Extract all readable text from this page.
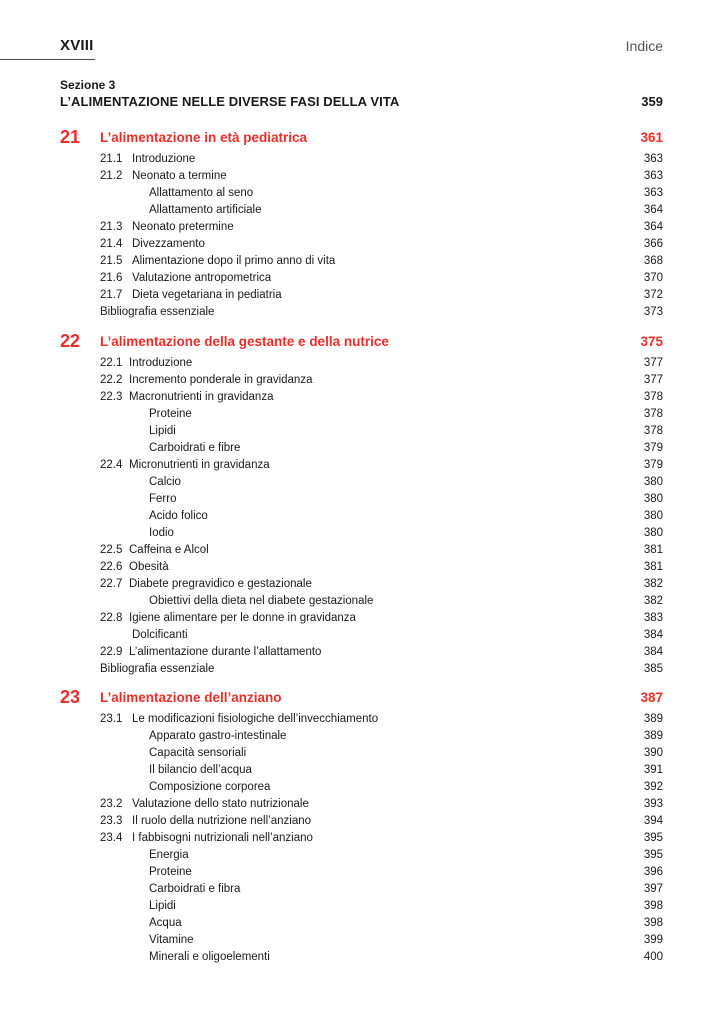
XVIII	Indice
Sezione 3
L’ALIMENTAZIONE NELLE DIVERSE FASI DELLA VITA	359
21 L’alimentazione in età pediatrica	361
21.1 Introduzione	363
21.2 Neonato a termine	363
Allattamento al seno	363
Allattamento artificiale	364
21.3 Neonato pretermine	364
21.4 Divezzamento	366
21.5 Alimentazione dopo il primo anno di vita	368
21.6 Valutazione antropometrica	370
21.7 Dieta vegetariana in pediatria	372
Bibliografia essenziale	373
22 L’alimentazione della gestante e della nutrice	375
22.1 Introduzione	377
22.2 Incremento ponderale in gravidanza	377
22.3 Macronutrienti in gravidanza	378
Proteine	378
Lipidi	378
Carboidrati e fibre	379
22.4 Micronutrienti in gravidanza	379
Calcio	380
Ferro	380
Acido folico	380
Iodio	380
22.5 Caffeina e Alcol	381
22.6 Obesità	381
22.7 Diabete pregravidico e gestazionale	382
Obiettivi della dieta nel diabete gestazionale	382
22.8 Igiene alimentare per le donne in gravidanza	383
Dolcificanti	384
22.9 L’alimentazione durante l’allattamento	384
Bibliografia essenziale	385
23 L’alimentazione dell’anziano	387
23.1 Le modificazioni fisiologiche dell’invecchiamento	389
Apparato gastro-intestinale	389
Capacità sensoriali	390
Il bilancio dell’acqua	391
Composizione corporea	392
23.2 Valutazione dello stato nutrizionale	393
23.3 Il ruolo della nutrizione nell’anziano	394
23.4 I fabbisogni nutrizionali nell’anziano	395
Energia	395
Proteine	396
Carboidrati e fibra	397
Lipidi	398
Acqua	398
Vitamine	399
Minerali e oligoelementi	400
